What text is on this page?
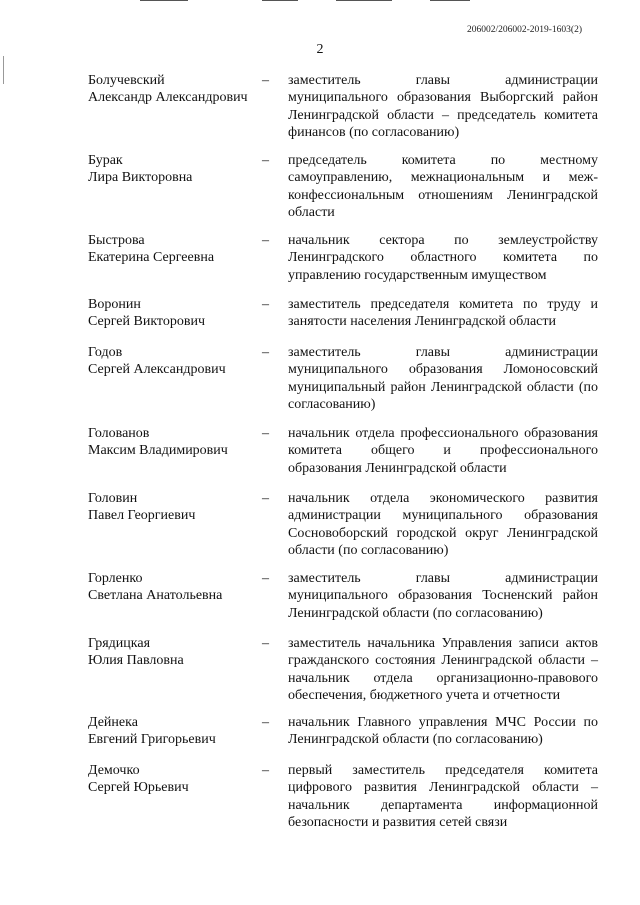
206002/206002-2019-1603(2)
2
Болучевский
Александр Александрович
– заместитель главы администрации муниципального образования Выборгский район Ленинградской области – председатель комитета финансов (по согласованию)
Бурак
Лира Викторовна
– председатель комитета по местному самоуправлению, межнациональным и меж-конфессиональным отношениям Ленинградской области
Быстрова
Екатерина Сергеевна
– начальник сектора по землеустройству Ленинградского областного комитета по управлению государственным имуществом
Воронин
Сергей Викторович
– заместитель председателя комитета по труду и занятости населения Ленинградской области
Годов
Сергей Александрович
– заместитель главы администрации муниципального образования Ломоносовский муниципальный район Ленинградской области (по согласованию)
Голованов
Максим Владимирович
– начальник отдела профессионального образования комитета общего и профессионального образования Ленинградской области
Головин
Павел Георгиевич
– начальник отдела экономического развития администрации муниципального образования Сосновоборский городской округ Ленинградской области (по согласованию)
Горленко
Светлана Анатольевна
– заместитель главы администрации муниципального образования Тосненский район Ленинградской области (по согласованию)
Грядицкая
Юлия Павловна
– заместитель начальника Управления записи актов гражданского состояния Ленинградской области – начальник отдела организационно-правового обеспечения, бюджетного учета и отчетности
Дейнека
Евгений Григорьевич
– начальник Главного управления МЧС России по Ленинградской области (по согласованию)
Демочко
Сергей Юрьевич
– первый заместитель председателя комитета цифрового развития Ленинградской области – начальник департамента информационной безопасности и развития сетей связи
